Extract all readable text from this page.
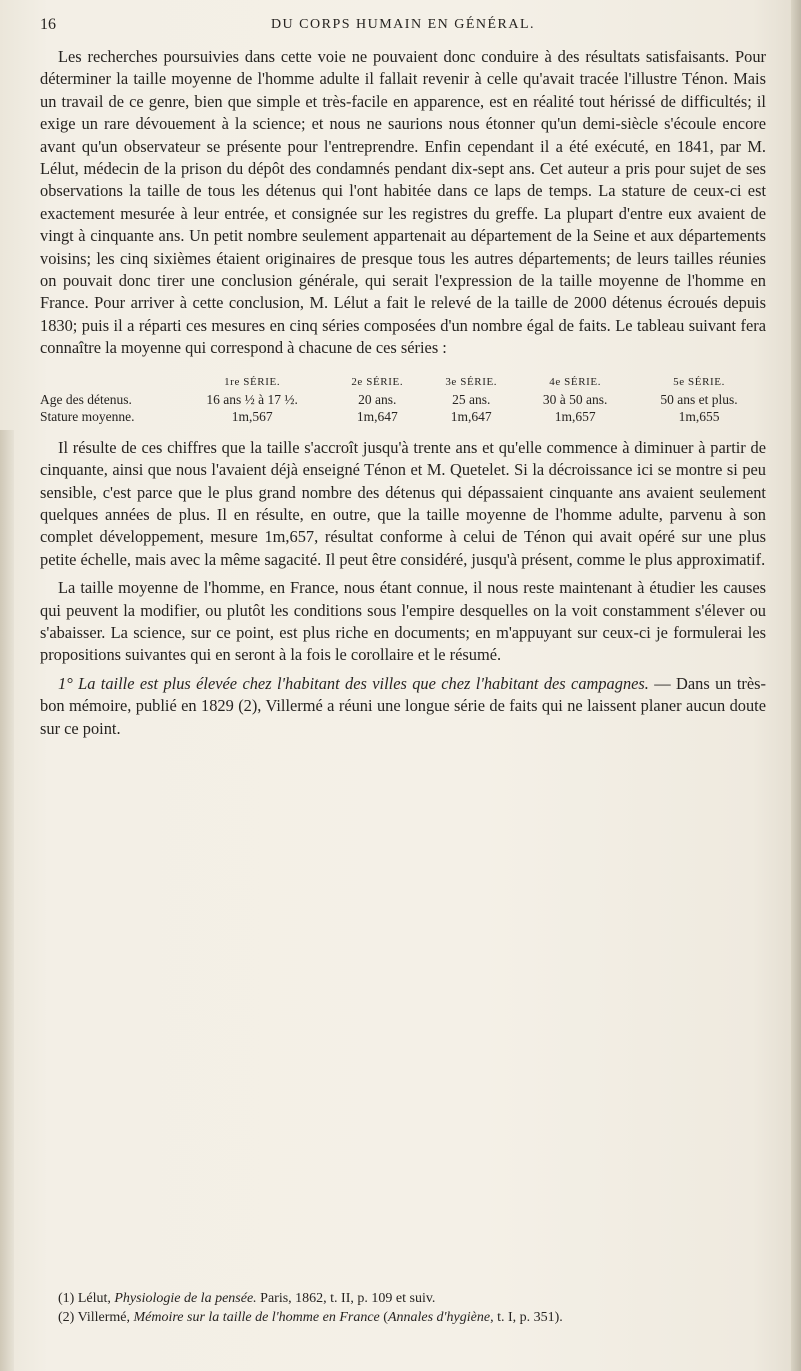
16	DU CORPS HUMAIN EN GÉNÉRAL.

Les recherches poursuivies dans cette voie ne pouvaient donc conduire à des résultats satisfaisants. Pour déterminer la taille moyenne de l'homme adulte il fallait revenir à celle qu'avait tracée l'illustre Ténon. Mais un travail de ce genre, bien que simple et très-facile en apparence, est en réalité tout hérissé de difficultés; il exige un rare dévouement à la science; et nous ne saurions nous étonner qu'un demi-siècle s'écoule encore avant qu'un observateur se présente pour l'entreprendre. Enfin cependant il a été exécuté, en 1841, par M. Lélut, médecin de la prison du dépôt des condamnés pendant dix-sept ans. Cet auteur a pris pour sujet de ses observations la taille de tous les détenus qui l'ont habitée dans ce laps de temps. La stature de ceux-ci est exactement mesurée à leur entrée, et consignée sur les registres du greffe. La plupart d'entre eux avaient de vingt à cinquante ans. Un petit nombre seulement appartenait au département de la Seine et aux départements voisins; les cinq sixièmes étaient originaires de presque tous les autres départements; de leurs tailles réunies on pouvait donc tirer une conclusion générale, qui serait l'expression de la taille moyenne de l'homme en France. Pour arriver à cette conclusion, M. Lélut a fait le relevé de la taille de 2000 détenus écroués depuis 1830; puis il a réparti ces mesures en cinq séries composées d'un nombre égal de faits. Le tableau suivant fera connaître la moyenne qui correspond à chacune de ces séries :

	1re SÉRIE.	2e SÉRIE.	3e SÉRIE.	4e SÉRIE.	5e SÉRIE.
Age des détenus.	16 ans ½ à 17 ½.	20 ans.	25 ans.	30 à 50 ans.	50 ans et plus.
Stature moyenne.	1m,567	1m,647	1m,647	1m,657	1m,655

Il résulte de ces chiffres que la taille s'accroît jusqu'à trente ans et qu'elle commence à diminuer à partir de cinquante, ainsi que nous l'avaient déjà enseigné Ténon et M. Quetelet. Si la décroissance ici se montre si peu sensible, c'est parce que le plus grand nombre des détenus qui dépassaient cinquante ans avaient seulement quelques années de plus. Il en résulte, en outre, que la taille moyenne de l'homme adulte, parvenu à son complet développement, mesure 1m,657, résultat conforme à celui de Ténon qui avait opéré sur une plus petite échelle, mais avec la même sagacité. Il peut être considéré, jusqu'à présent, comme le plus approximatif.

La taille moyenne de l'homme, en France, nous étant connue, il nous reste maintenant à étudier les causes qui peuvent la modifier, ou plutôt les conditions sous l'empire desquelles on la voit constamment s'élever ou s'abaisser. La science, sur ce point, est plus riche en documents; en m'appuyant sur ceux-ci je formulerai les propositions suivantes qui en seront à la fois le corollaire et le résumé.

1° La taille est plus élevée chez l'habitant des villes que chez l'habitant des campagnes. — Dans un très-bon mémoire, publié en 1829 (2), Villermé a réuni une longue série de faits qui ne laissent planer aucun doute sur ce point.

(1) Lélut, Physiologie de la pensée. Paris, 1862, t. II, p. 109 et suiv.

(2) Villermé, Mémoire sur la taille de l'homme en France (Annales d'hygiène, t. I, p. 351).
